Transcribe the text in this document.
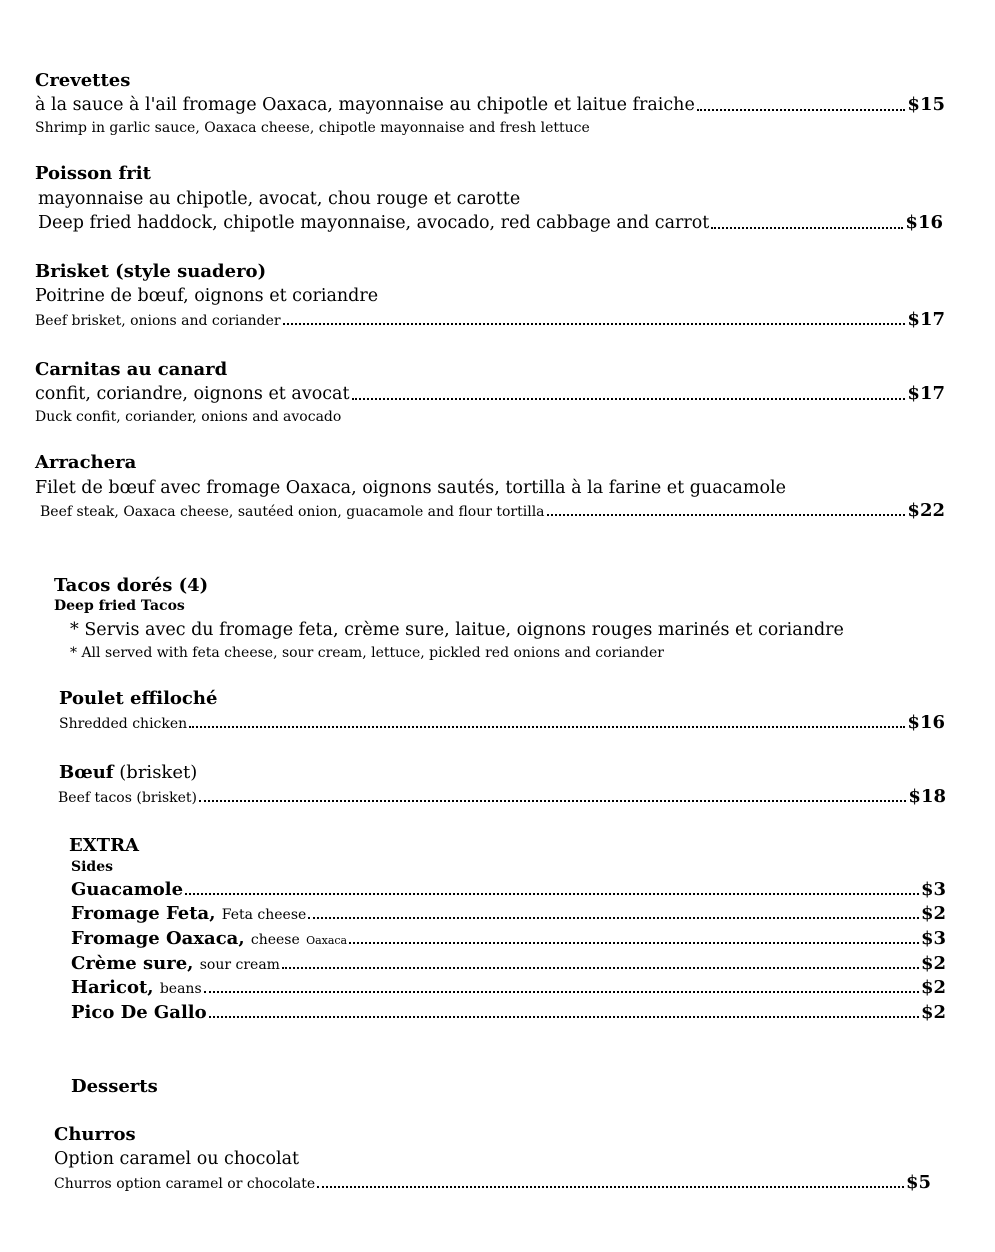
Crevettes
à la sauce à l'ail fromage Oaxaca, mayonnaise au chipotle et laitue fraiche	$15
Shrimp in garlic sauce, Oaxaca cheese, chipotle mayonnaise and fresh lettuce
Poisson frit
mayonnaise au chipotle, avocat, chou rouge et carotte
Deep fried haddock, chipotle mayonnaise, avocado, red cabbage and carrot	$16
Brisket (style suadero)
Poitrine de bœuf, oignons et coriandre
Beef brisket, onions and coriander	$17
Carnitas au canard
confit, coriandre, oignons et avocat	$17
Duck confit, coriander, onions and avocado
Arrachera
Filet de bœuf avec fromage Oaxaca, oignons sautés, tortilla à la farine et guacamole
Beef steak, Oaxaca cheese, sautéed onion, guacamole and flour tortilla	$22
Tacos dorés (4)
Deep fried Tacos
* Servis avec du fromage feta, crème sure, laitue, oignons rouges marinés et coriandre
* All served with feta cheese, sour cream, lettuce, pickled red onions and coriander
Poulet effiloché
Shredded chicken	$16
Bœuf (brisket)
Beef tacos (brisket)	$18
EXTRA
Sides
Guacamole	$3
Fromage Feta, Feta cheese	$2
Fromage Oaxaca, cheese Oaxaca	$3
Crème sure, sour cream	$2
Haricot, beans	$2
Pico De Gallo	$2
Desserts
Churros
Option caramel ou chocolat
Churros option caramel or chocolate	$5
